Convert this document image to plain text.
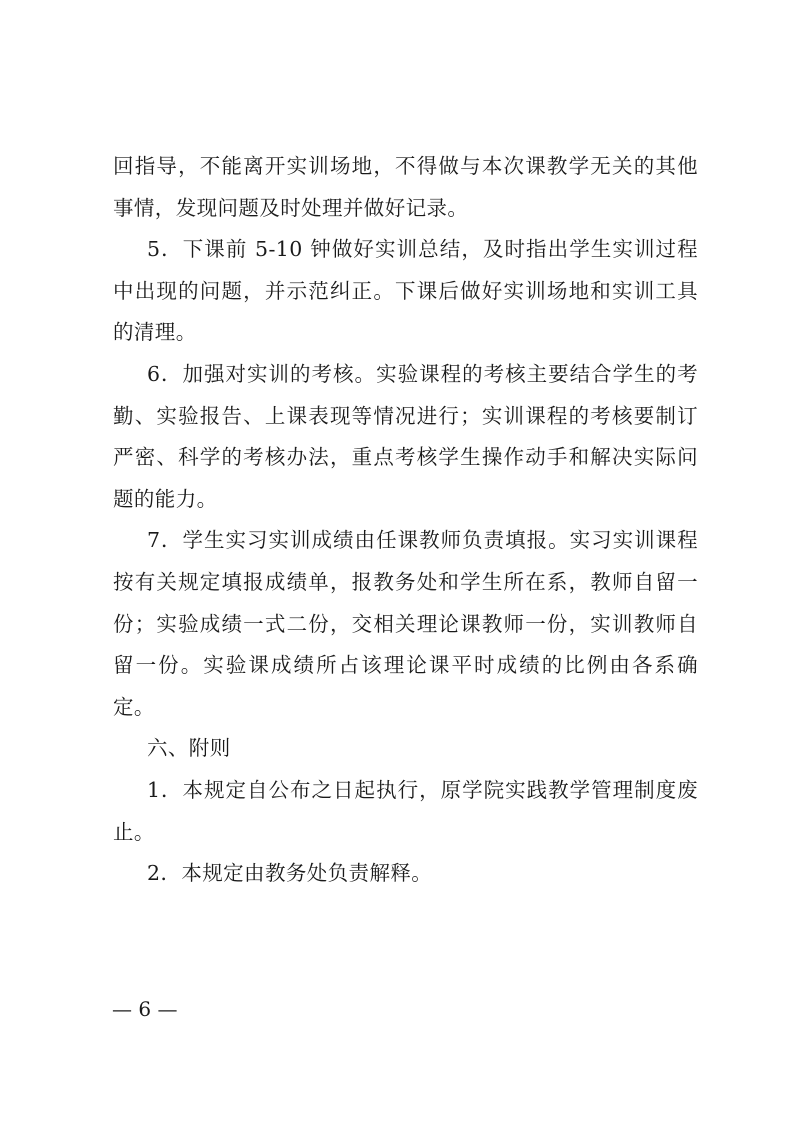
回指导，不能离开实训场地，不得做与本次课教学无关的其他事情，发现问题及时处理并做好记录。

5．下课前 5-10 钟做好实训总结，及时指出学生实训过程中出现的问题，并示范纠正。下课后做好实训场地和实训工具的清理。

6．加强对实训的考核。实验课程的考核主要结合学生的考勤、实验报告、上课表现等情况进行；实训课程的考核要制订严密、科学的考核办法，重点考核学生操作动手和解决实际问题的能力。

7．学生实习实训成绩由任课教师负责填报。实习实训课程按有关规定填报成绩单，报教务处和学生所在系，教师自留一份；实验成绩一式二份，交相关理论课教师一份，实训教师自留一份。实验课成绩所占该理论课平时成绩的比例由各系确定。

六、附则

1．本规定自公布之日起执行，原学院实践教学管理制度废止。

2．本规定由教务处负责解释。

— 6 —
